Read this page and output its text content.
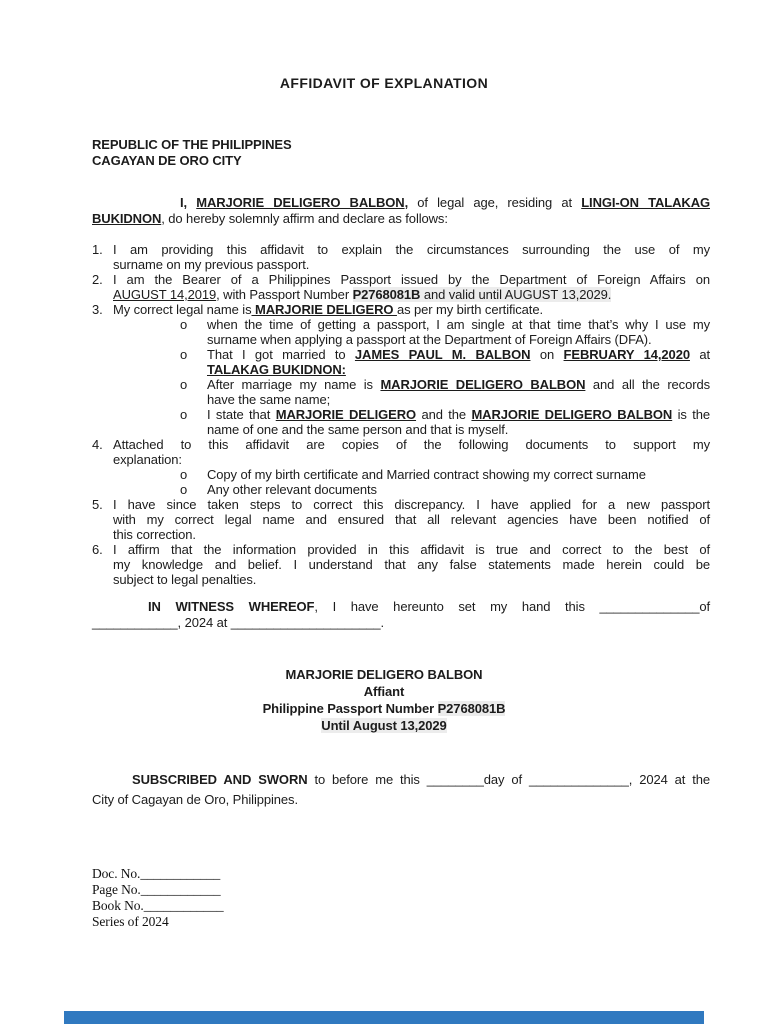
AFFIDAVIT OF EXPLANATION
REPUBLIC OF THE PHILIPPINES
CAGAYAN DE ORO CITY
I, MARJORIE DELIGERO BALBON, of legal age, residing at LINGI-ON TALAKAG
BUKIDNON, do hereby solemnly affirm and declare as follows:
1. I am providing this affidavit to explain the circumstances surrounding the use of my
surname on my previous passport.
2. I am the Bearer of a Philippines Passport issued by the Department of Foreign Affairs on
AUGUST 14,2019, with Passport Number P2768081B and valid until AUGUST 13,2029.
3. My correct legal name is MARJORIE DELIGERO as per my birth certificate.
o	when the time of getting a passport, I am single at that time that’s why I use my
surname when applying a passport at the Department of Foreign Affairs (DFA).
o	That I got married to JAMES PAUL M. BALBON on FEBRUARY 14,2020 at
TALAKAG BUKIDNON:
o	After marriage my name is MARJORIE DELIGERO BALBON and all the records
have the same name;
o	I state that MARJORIE DELIGERO and the MARJORIE DELIGERO BALBON is the
name of one and the same person and that is myself.
4. Attached to this affidavit are copies of the following documents to support my
explanation:
o	Copy of my birth certificate and Married contract showing my correct surname
o	Any other relevant documents
5. I have since taken steps to correct this discrepancy. I have applied for a new passport
with my correct legal name and ensured that all relevant agencies have been notified of
this correction.
6. I affirm that the information provided in this affidavit is true and correct to the best of
my knowledge and belief. I understand that any false statements made herein could be
subject to legal penalties.
IN WITNESS WHEREOF, I have hereunto set my hand this ______________of
____________, 2024 at _____________________.
MARJORIE DELIGERO BALBON
Affiant
Philippine Passport Number P2768081B
Until August 13,2029
SUBSCRIBED AND SWORN to before me this ________day of ______________, 2024 at the
City of Cagayan de Oro, Philippines.
Doc. No.____________
Page No.____________
Book No.____________
Series of 2024
